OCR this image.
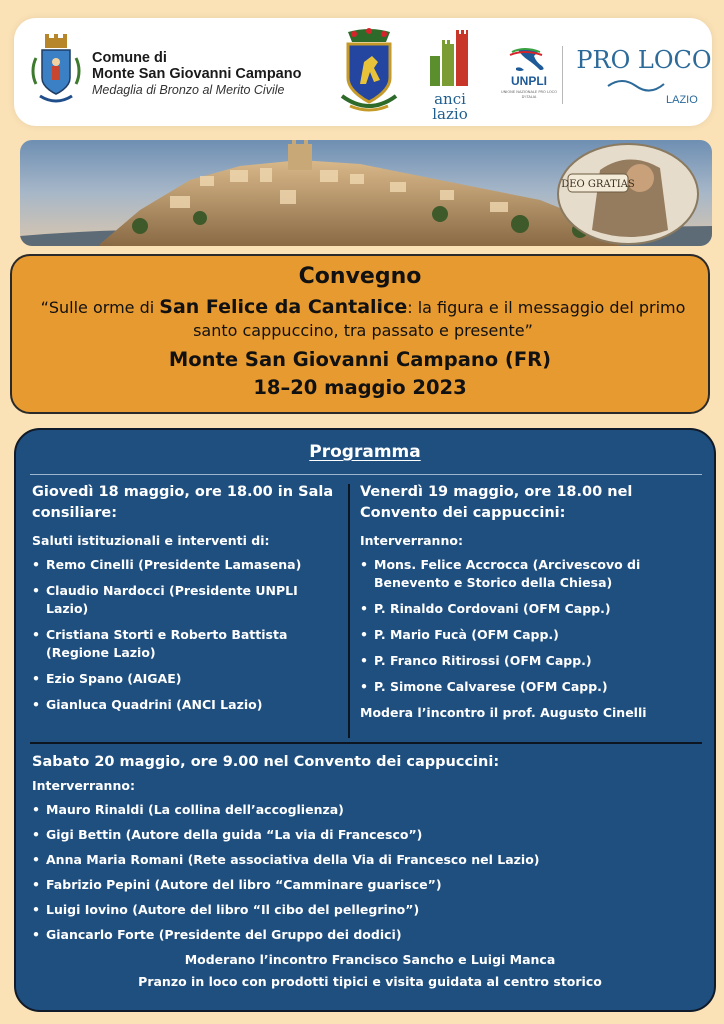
Comune di
Monte San Giovanni Campano
Medaglia di Bronzo al Merito Civile	anci
lazio
UNPLI
UNIONE NAZIONALE PRO LOCO D'ITALIA
PRO LOCO
LAZIO
DEO GRATIAS
Convegno
“Sulle orme di San Felice da Cantalice: la figura e il messaggio del primo santo cappuccino, tra passato e presente”
Monte San Giovanni Campano (FR)
18–20 maggio 2023
Programma
Giovedì 18 maggio, ore 18.00 in Sala consiliare:
Saluti istituzionali e interventi di:
• Remo Cinelli (Presidente Lamasena)
• Claudio Nardocci (Presidente UNPLI Lazio)
• Cristiana Storti e Roberto Battista (Regione Lazio)
• Ezio Spano (AIGAE)
• Gianluca Quadrini (ANCI Lazio)
Venerdì 19 maggio, ore 18.00 nel Convento dei cappuccini:
Interverranno:
• Mons. Felice Accrocca (Arcivescovo di Benevento e Storico della Chiesa)
• P. Rinaldo Cordovani (OFM Capp.)
• P. Mario Fucà (OFM Capp.)
• P. Franco Ritirossi (OFM Capp.)
• P. Simone Calvarese (OFM Capp.)
Modera l’incontro il prof. Augusto Cinelli
Sabato 20 maggio, ore 9.00 nel Convento dei cappuccini:
Interverranno:
• Mauro Rinaldi (La collina dell’accoglienza)
• Gigi Bettin (Autore della guida “La via di Francesco”)
• Anna Maria Romani (Rete associativa della Via di Francesco nel Lazio)
• Fabrizio Pepini (Autore del libro “Camminare guarisce”)
• Luigi Iovino (Autore del libro “Il cibo del pellegrino”)
• Giancarlo Forte (Presidente del Gruppo dei dodici)
Moderano l’incontro Francisco Sancho e Luigi Manca
Pranzo in loco con prodotti tipici e visita guidata al centro storico
